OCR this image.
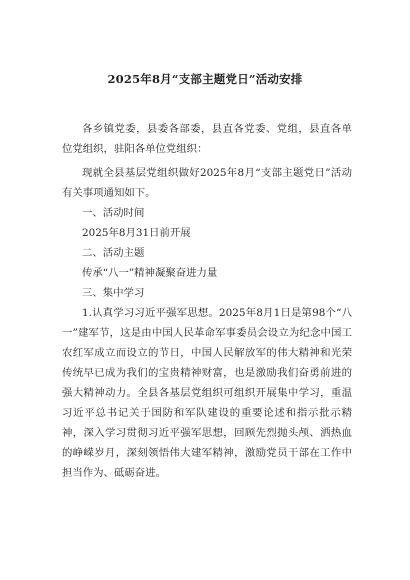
2025年8月“支部主题党日”活动安排

各乡镇党委，县委各部委，县直各党委、党组，县直各单位党组织，驻阳各单位党组织：

现就全县基层党组织做好2025年8月“支部主题党日”活动有关事项通知如下。

一、活动时间

2025年8月31日前开展

二、活动主题

传承“八一”精神凝聚奋进力量

三、集中学习

1.认真学习习近平强军思想。2025年8月1日是第98个“八一”建军节，这是由中国人民革命军事委员会设立为纪念中国工农红军成立而设立的节日，中国人民解放军的伟大精神和光荣传统早已成为我们的宝贵精神财富，也是激励我们奋勇前进的强大精神动力。全县各基层党组织可组织开展集中学习，重温习近平总书记关于国防和军队建设的重要论述和指示批示精神，深入学习贯彻习近平强军思想，回顾先烈抛头颅、洒热血的峥嵘岁月，深刻领悟伟大建军精神，激励党员干部在工作中担当作为、砥砺奋进。
